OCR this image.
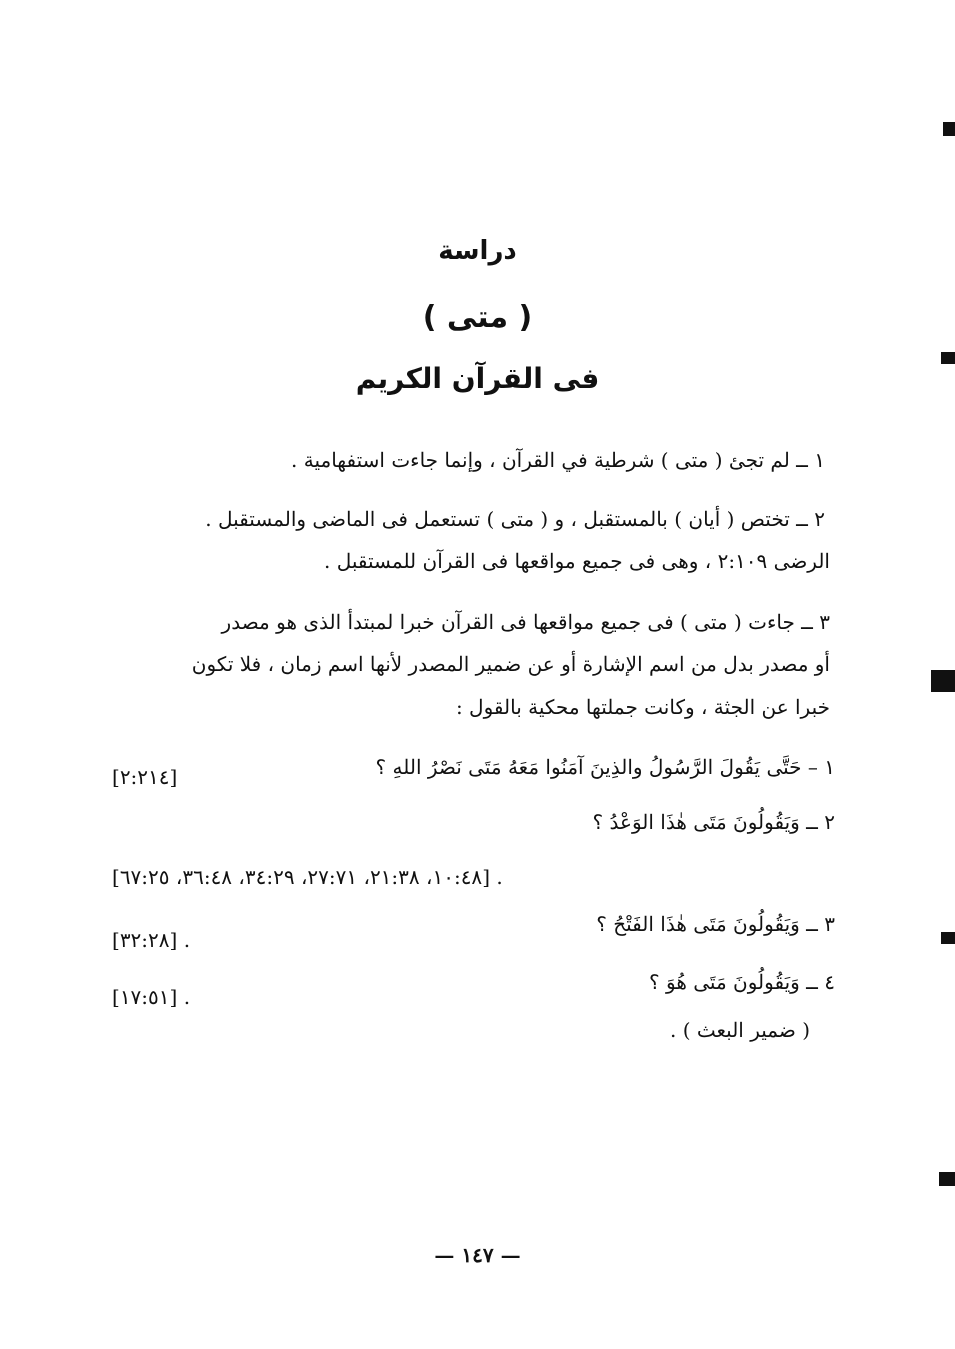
دراسة
( متى )
فى القرآن الكريم
١ ــ لم تجئ ( متى ) شرطية في القرآن ، وإنما جاءت استفهامية .
٢ ــ تختص ( أيان ) بالمستقبل ، و ( متى ) تستعمل فى الماضى والمستقبل .
الرضى ٢:١٠٩ ، وهى فى جميع مواقعها فى القرآن للمستقبل .
٣ ــ جاءت ( متى ) فى جميع مواقعها فى القرآن خبرا لمبتدأ الذى هو مصدر
أو مصدر بدل من اسم الإشارة أو عن ضمير المصدر لأنها اسم زمان ، فلا تكون
خبرا عن الجثة ، وكانت جملتها محكية بالقول :
١ – حَتَّى يَقُولَ الرَّسُولُ والذِينَ آمَنُوا مَعَهُ مَتَى نَصْرُ اللهِ ؟
[٢:٢١٤]
٢ ــ وَيَقُولُونَ مَتَى هٰذَا الوَعْدُ ؟
[١٠:٤٨، ٢١:٣٨، ٢٧:٧١، ٣٤:٢٩، ٣٦:٤٨، ٦٧:٢٥] .
٣ ــ وَيَقُولُونَ مَتَى هٰذَا الفَتْحُ ؟
[٣٢:٢٨] .
٤ ــ وَيَقُولُونَ مَتَى هُوَ ؟
[١٧:٥١] .
( ضمير البعث ) .
— ١٤٧ —
